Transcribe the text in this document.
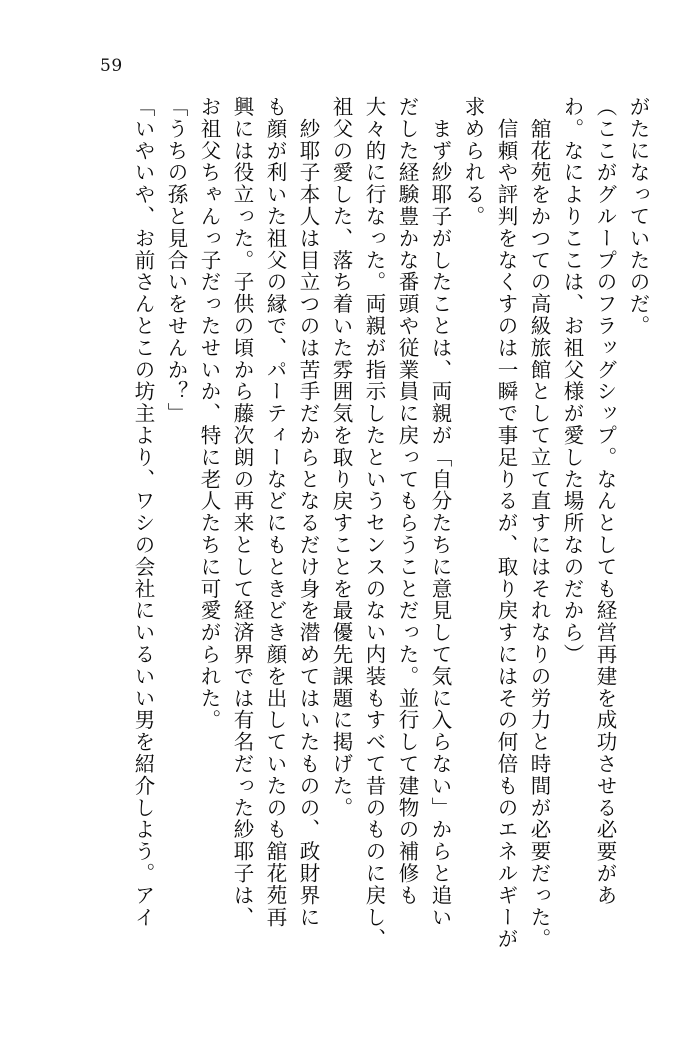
59
がたになっていたのだ。
（ここがグループのフラッグシップ。なんとしても経営再建を成功させる必要があ
わ。なによりここは、お祖父様が愛した場所なのだから）
　舘花苑をかつての高級旅館として立て直すにはそれなりの労力と時間が必要だった。
　信頼や評判をなくすのは一瞬で事足りるが、取り戻すにはその何倍ものエネルギーが
求められる。
　まず紗耶子がしたことは、両親が「自分たちに意見して気に入らない」からと追い
だした経験豊かな番頭や従業員に戻ってもらうことだった。並行して建物の補修も
大々的に行なった。両親が指示したというセンスのない内装もすべて昔のものに戻し、
祖父の愛した、落ち着いた雰囲気を取り戻すことを最優先課題に掲げた。
　紗耶子本人は目立つのは苦手だからとなるだけ身を潜めてはいたものの、政財界に
も顔が利いた祖父の縁で、パーティーなどにもときどき顔を出していたのも舘花苑再
興には役立った。子供の頃から藤次朗の再来として経済界では有名だった紗耶子は、
お祖父ちゃんっ子だったせいか、特に老人たちに可愛がられた。
「うちの孫と見合いをせんか？」
「いやいや、お前さんとこの坊主より、ワシの会社にいるいい男を紹介しよう。アイ
